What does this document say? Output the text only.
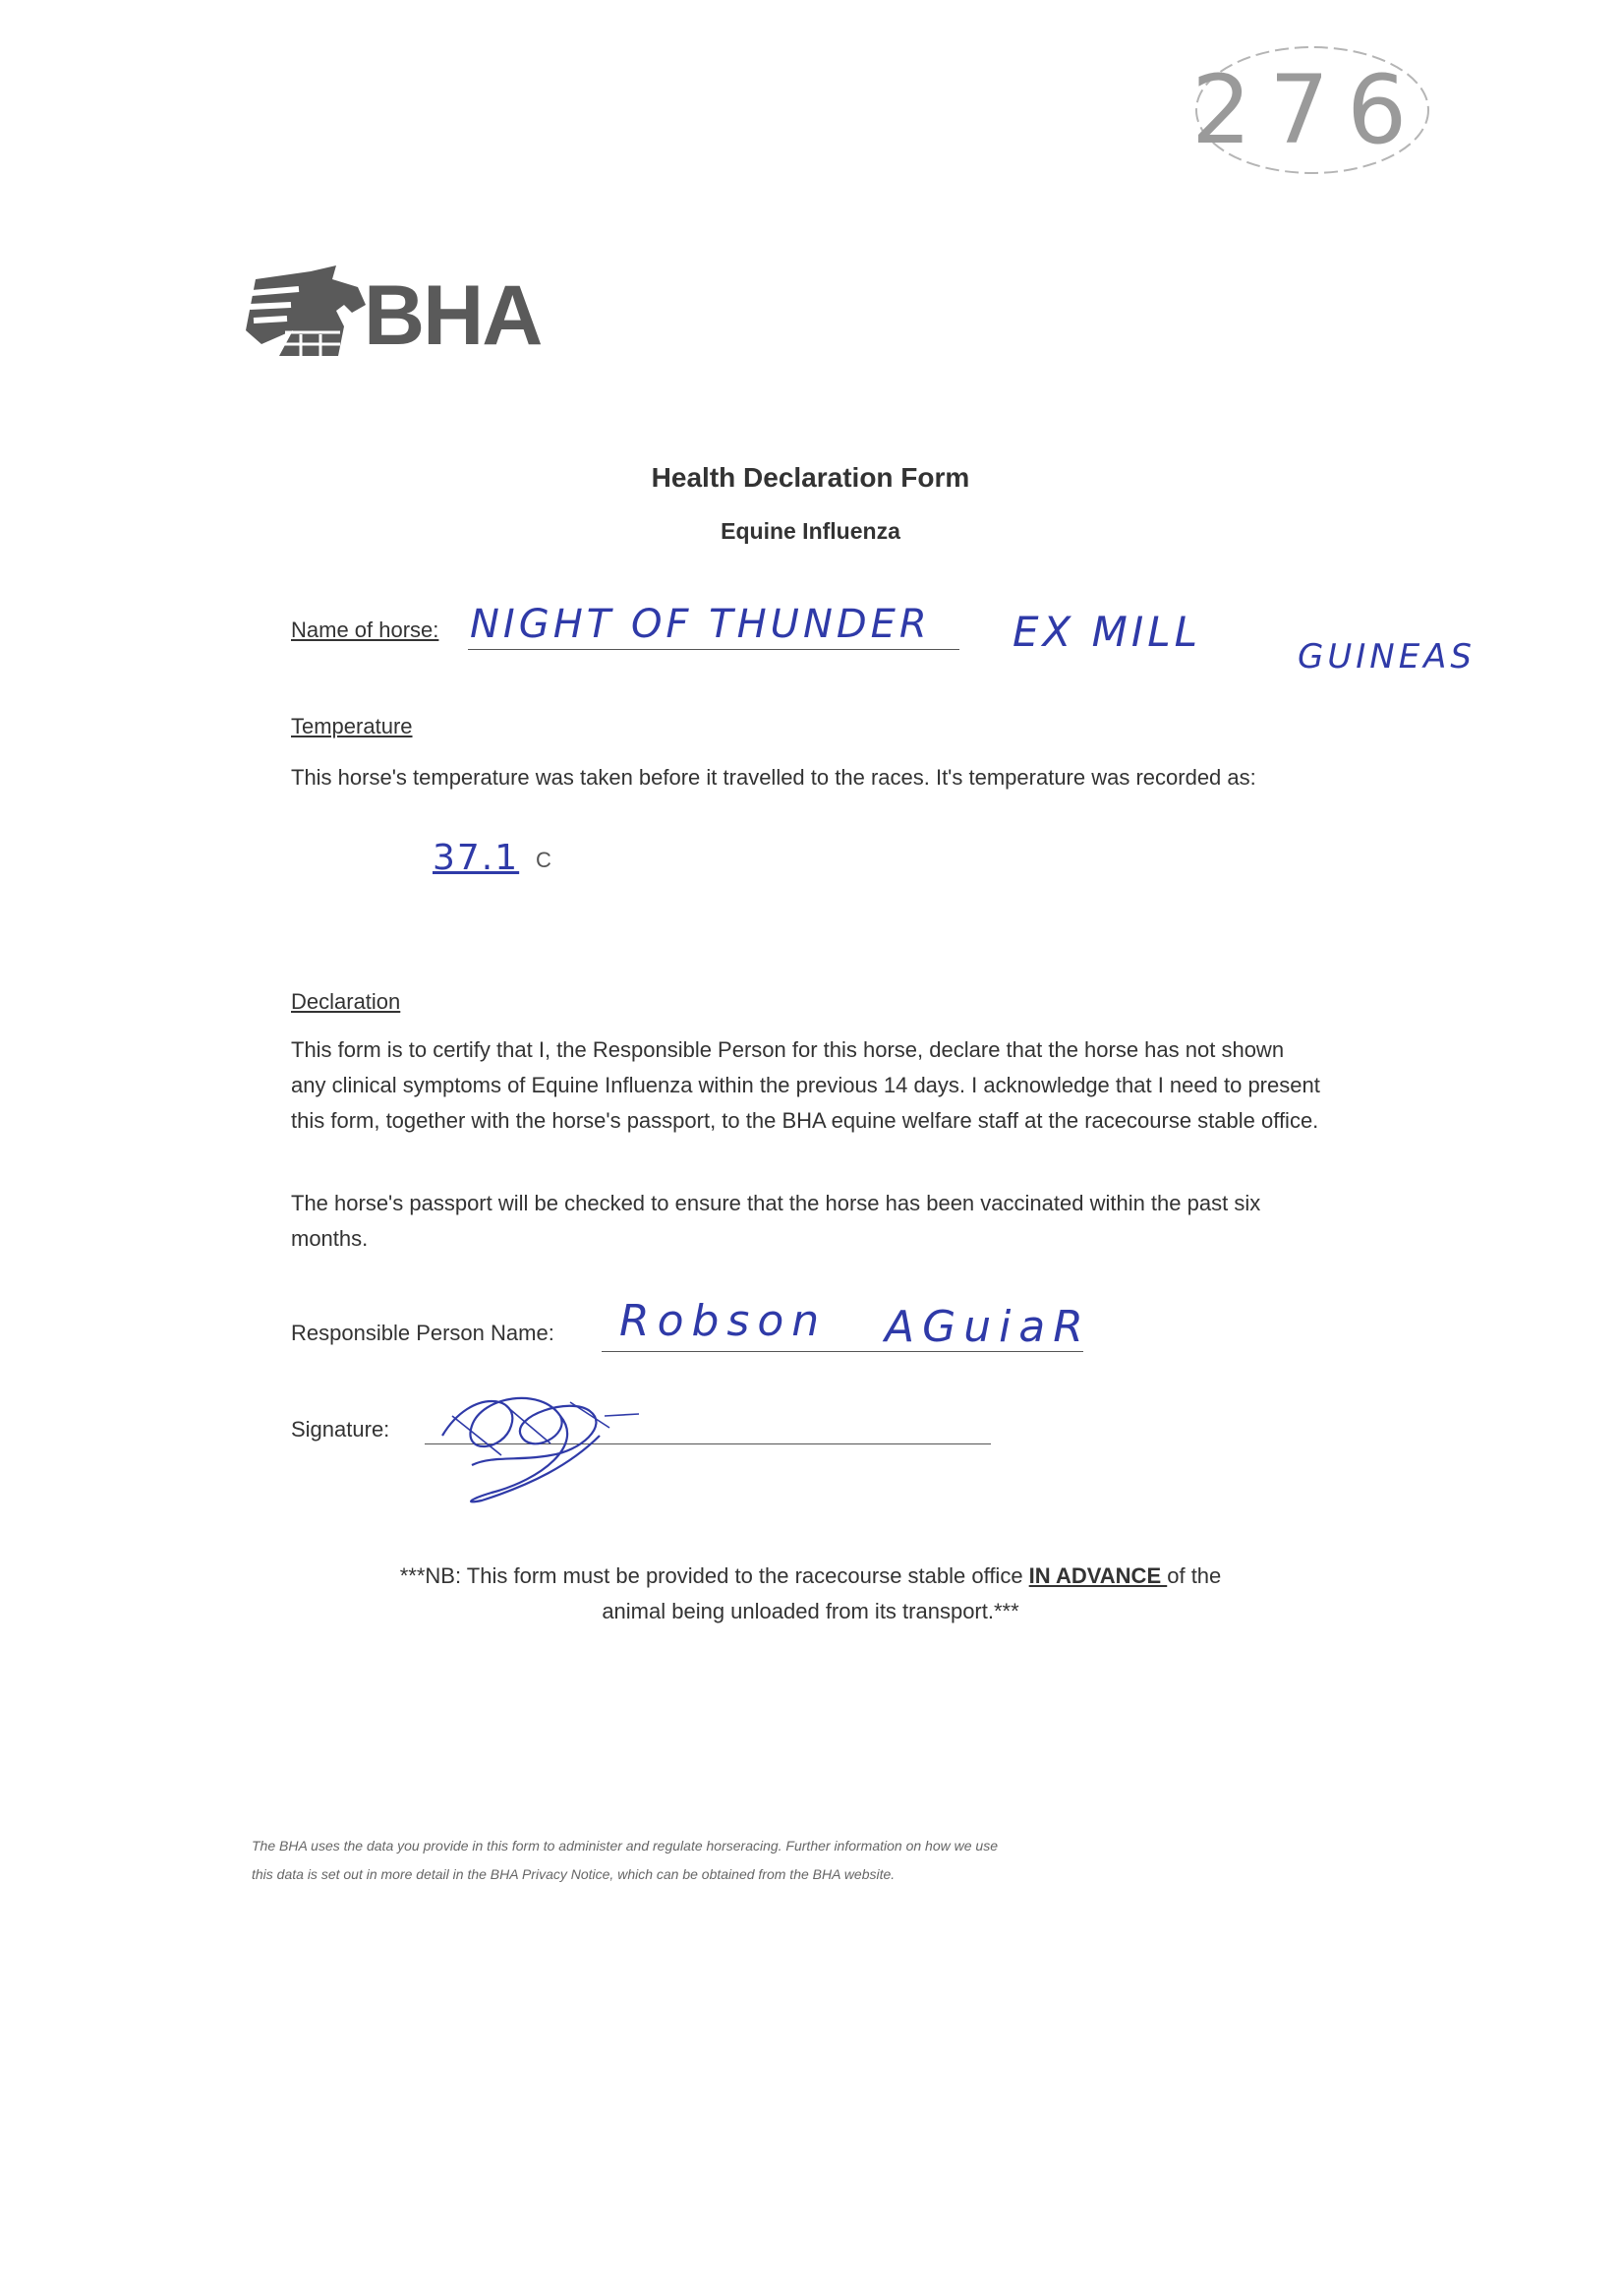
276
BHA
Health Declaration Form
Equine Influenza
Name of horse: NIGHT OF THUNDER EX MILL
GUINEAS
Temperature
This horse's temperature was taken before it travelled to the races. It's temperature was recorded as:
37.1 C
Declaration
This form is to certify that I, the Responsible Person for this horse, declare that the horse has not shown any clinical symptoms of Equine Influenza within the previous 14 days. I acknowledge that I need to present this form, together with the horse's passport, to the BHA equine welfare staff at the racecourse stable office.
The horse's passport will be checked to ensure that the horse has been vaccinated within the past six months.
Responsible Person Name: Robson AGuiaR
Signature:
***NB: This form must be provided to the racecourse stable office IN ADVANCE of the
animal being unloaded from its transport.***
The BHA uses the data you provide in this form to administer and regulate horseracing. Further information on how we use
this data is set out in more detail in the BHA Privacy Notice, which can be obtained from the BHA website.
